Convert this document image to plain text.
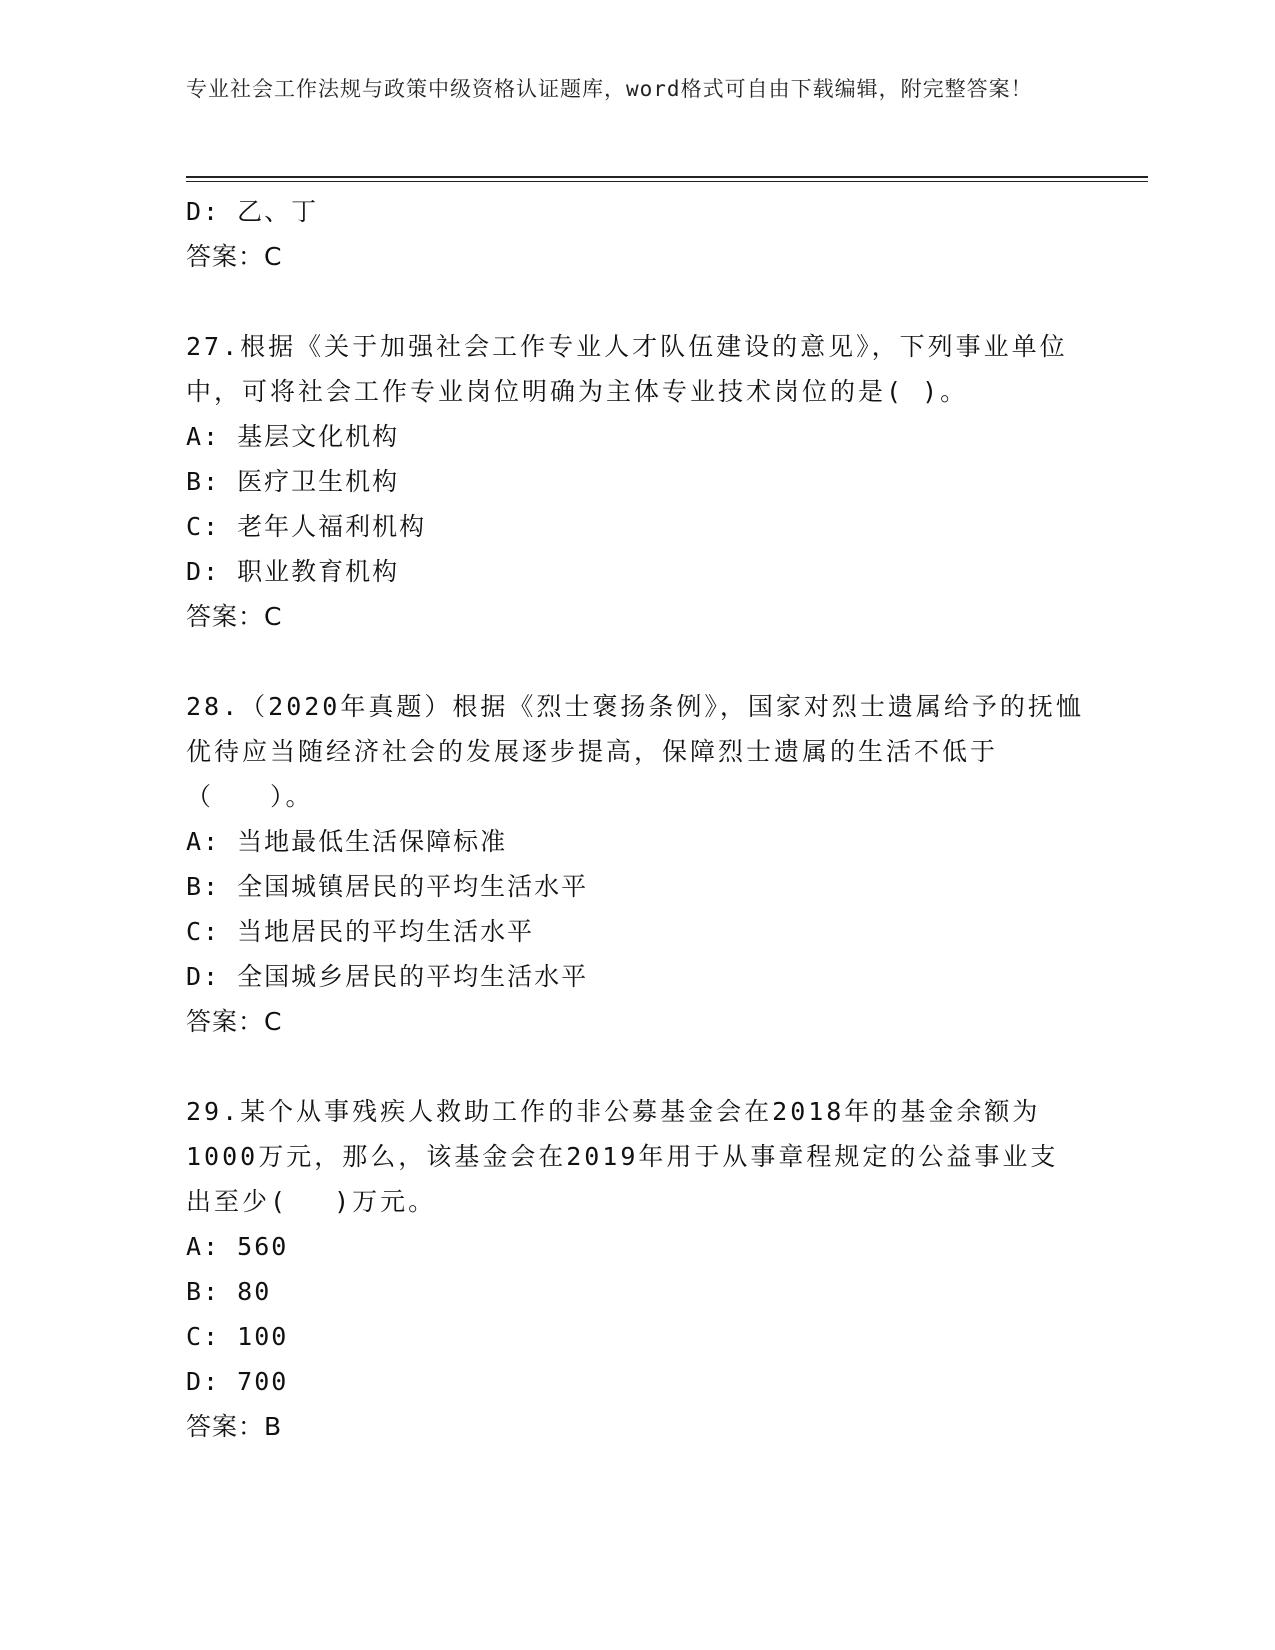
专业社会工作法规与政策中级资格认证题库，word格式可自由下载编辑，附完整答案！
D: 乙、丁
答案：C
27.根据《关于加强社会工作专业人才队伍建设的意见》，下列事业单位中，可将社会工作专业岗位明确为主体专业技术岗位的是( )。
A: 基层文化机构
B: 医疗卫生机构
C: 老年人福利机构
D: 职业教育机构
答案：C
28.（2020年真题）根据《烈士褒扬条例》，国家对烈士遗属给予的抚恤优待应当随经济社会的发展逐步提高，保障烈士遗属的生活不低于（　　）。
A: 当地最低生活保障标准
B: 全国城镇居民的平均生活水平
C: 当地居民的平均生活水平
D: 全国城乡居民的平均生活水平
答案：C
29.某个从事残疾人救助工作的非公募基金会在2018年的基金余额为1000万元，那么，该基金会在2019年用于从事章程规定的公益事业支出至少(　 )万元。
A: 560
B: 80
C: 100
D: 700
答案：B
